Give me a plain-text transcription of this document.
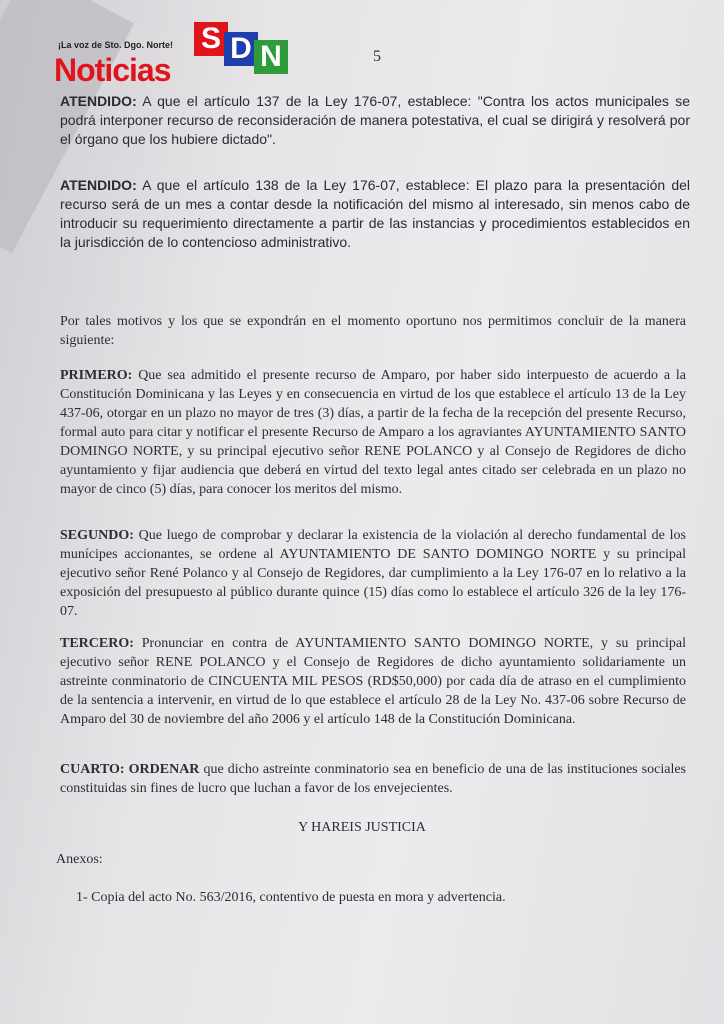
¡La voz de Sto. Dgo. Norte!
Noticias
S D N	5

ATENDIDO: A que el artículo 137 de la Ley 176-07, establece: "Contra los actos municipales se podrá interponer recurso de reconsideración de manera potestativa, el cual se dirigirá y resolverá por el órgano que los hubiere dictado".

ATENDIDO: A que el artículo 138 de la Ley 176-07, establece: El plazo para la presentación del recurso será de un mes a contar desde la notificación del mismo al interesado, sin menos cabo de introducir su requerimiento directamente a partir de las instancias y procedimientos establecidos en la jurisdicción de lo contencioso administrativo.

Por tales motivos y los que se expondrán en el momento oportuno nos permitimos concluir de la manera siguiente:

PRIMERO: Que sea admitido el presente recurso de Amparo, por haber sido interpuesto de acuerdo a la Constitución Dominicana y las Leyes y en consecuencia en virtud de los que establece el artículo 13 de la Ley 437-06, otorgar en un plazo no mayor de tres (3) días, a partir de la fecha de la recepción del presente Recurso, formal auto para citar y notificar el presente Recurso de Amparo a los agraviantes AYUNTAMIENTO SANTO DOMINGO NORTE, y su principal ejecutivo señor RENE POLANCO y al Consejo de Regidores de dicho ayuntamiento y fijar audiencia que deberá en virtud del texto legal antes citado ser celebrada en un plazo no mayor de cinco (5) días, para conocer los meritos del mismo.

SEGUNDO: Que luego de comprobar y declarar la existencia de la violación al derecho fundamental de los munícipes accionantes, se ordene al AYUNTAMIENTO DE SANTO DOMINGO NORTE y su principal ejecutivo señor René Polanco y al Consejo de Regidores, dar cumplimiento a la Ley 176-07 en lo relativo a la exposición del presupuesto al público durante quince (15) días como lo establece el artículo 326 de la ley 176-07.

TERCERO: Pronunciar en contra de AYUNTAMIENTO SANTO DOMINGO NORTE, y su principal ejecutivo señor RENE POLANCO y el Consejo de Regidores de dicho ayuntamiento solidariamente un astreinte conminatorio de CINCUENTA MIL PESOS (RD$50,000) por cada día de atraso en el cumplimiento de la sentencia a intervenir, en virtud de lo que establece el artículo 28 de la Ley No. 437-06 sobre Recurso de Amparo del 30 de noviembre del año 2006 y el artículo 148 de la Constitución Dominicana.

CUARTO: ORDENAR que dicho astreinte conminatorio sea en beneficio de una de las instituciones sociales constituidas sin fines de lucro que luchan a favor de los envejecientes.

Y HAREIS JUSTICIA
Anexos:
1- Copia del acto No. 563/2016, contentivo de puesta en mora y advertencia.
